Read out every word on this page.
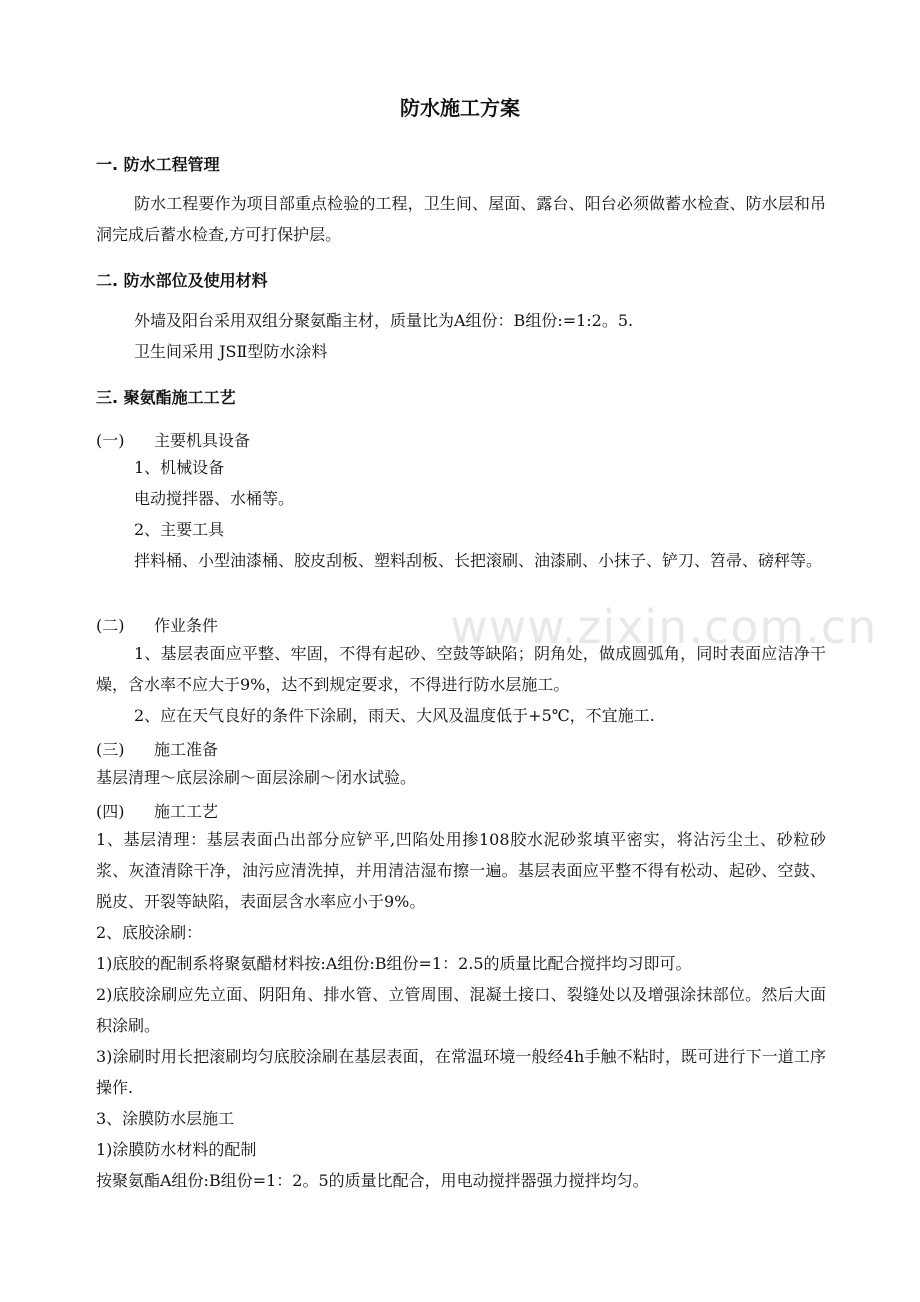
www.zixin.com.cn
防水施工方案
一. 防水工程管理
防水工程要作为项目部重点检验的工程，卫生间、屋面、露台、阳台必须做蓄水检查、防水层和吊洞完成后蓄水检查,方可打保护层。
二. 防水部位及使用材料
外墙及阳台采用双组分聚氨酯主材，质量比为A组份：B组份:=1:2。5.
卫生间采用 JSⅡ型防水涂料
三. 聚氨酯施工工艺
(一) 主要机具设备
1、机械设备
电动搅拌器、水桶等。
2、主要工具
拌料桶、小型油漆桶、胶皮刮板、塑料刮板、长把滚刷、油漆刷、小抹子、铲刀、笤帚、磅秤等。
(二) 作业条件
1、基层表面应平整、牢固，不得有起砂、空鼓等缺陷；阴角处，做成圆弧角，同时表面应洁净干燥，含水率不应大于9%，达不到规定要求，不得进行防水层施工。
2、应在天气良好的条件下涂刷，雨天、大风及温度低于+5℃，不宜施工.
(三) 施工准备
基层清理～底层涂刷～面层涂刷～闭水试验。
(四) 施工工艺
1、基层清理：基层表面凸出部分应铲平,凹陷处用掺108胶水泥砂浆填平密实，将沾污尘土、砂粒砂浆、灰渣清除干净，油污应清洗掉，并用清洁湿布擦一遍。基层表面应平整不得有松动、起砂、空鼓、脱皮、开裂等缺陷，表面层含水率应小于9%。
2、底胶涂刷：
1)底胶的配制系将聚氨醋材料按:A组份:B组份=1：2.5的质量比配合搅拌均习即可。
2)底胶涂刷应先立面、阴阳角、排水管、立管周围、混凝土接口、裂缝处以及增强涂抹部位。然后大面积涂刷。
3)涂刷时用长把滚刷均匀底胶涂刷在基层表面，在常温环境一般经4h手触不粘时，既可进行下一道工序操作.
3、涂膜防水层施工
1)涂膜防水材料的配制
按聚氨酯A组份:B组份=1：2。5的质量比配合，用电动搅拌器强力搅拌均匀。
